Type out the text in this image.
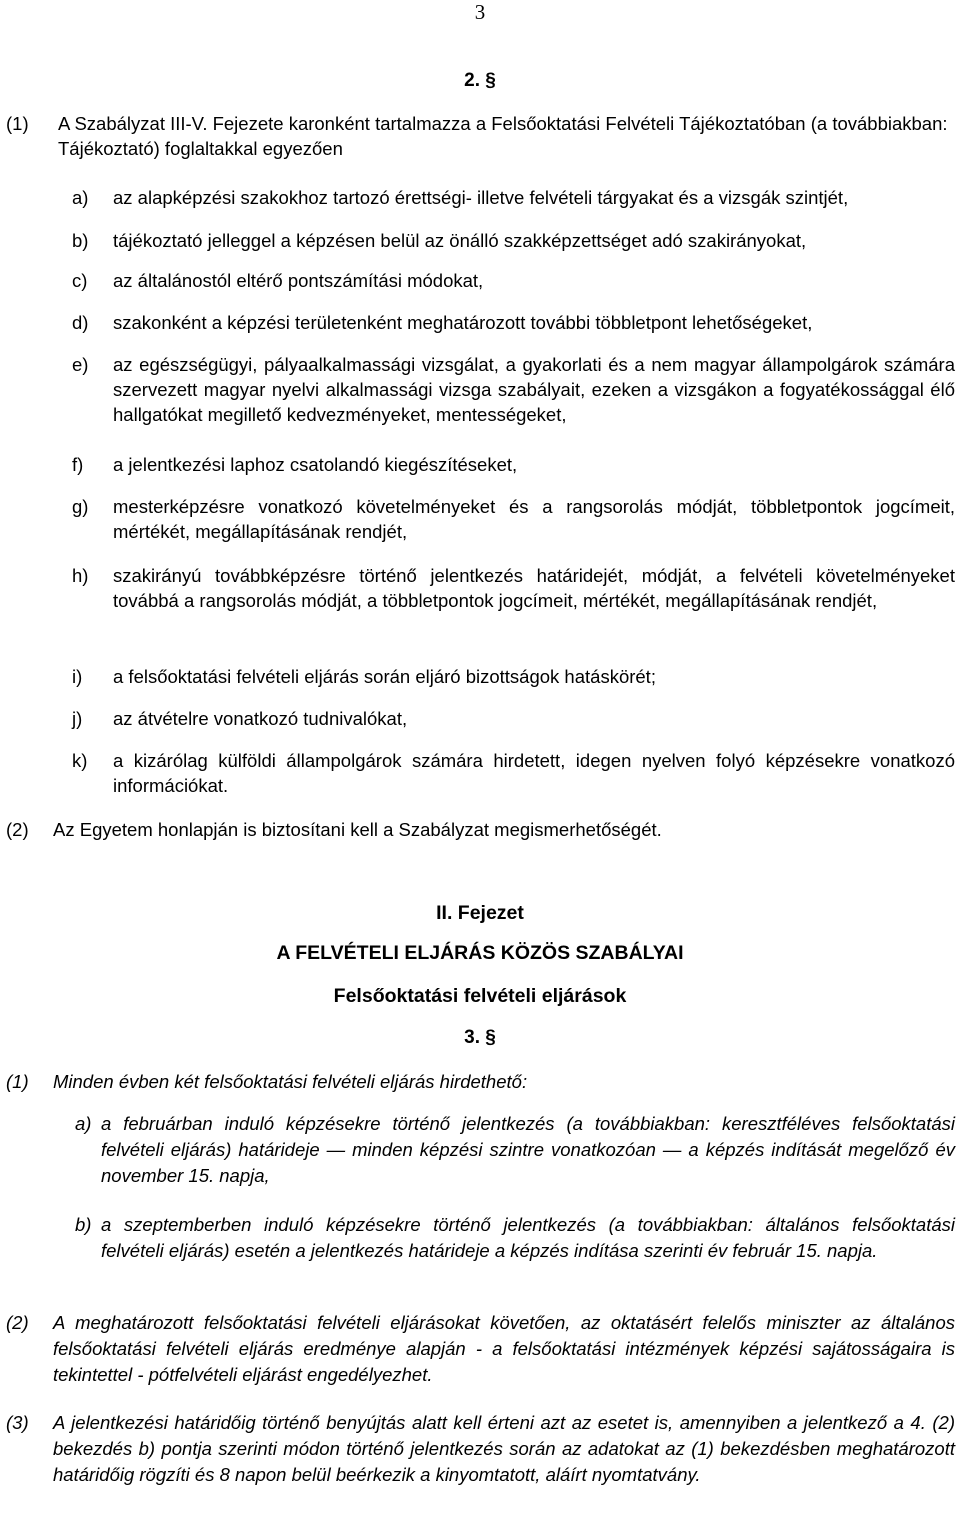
3
2. §
(1) A Szabályzat III-V. Fejezete karonként tartalmazza a Felsőoktatási Felvételi Tájékoztatóban (a továbbiakban: Tájékoztató) foglaltakkal egyezően
a) az alapképzési szakokhoz tartozó érettségi- illetve felvételi tárgyakat és a vizsgák szintjét,
b) tájékoztató jelleggel a képzésen belül az önálló szakképzettséget adó szakirányokat,
c) az általánostól eltérő pontszámítási módokat,
d) szakonként a képzési területenként meghatározott további többletpont lehetőségeket,
e) az egészségügyi, pályaalkalmassági vizsgálat, a gyakorlati és a nem magyar állampolgárok számára szervezett magyar nyelvi alkalmassági vizsga szabályait, ezeken a vizsgákon a fogyatékossággal élő hallgatókat megillető kedvezményeket, mentességeket,
f) a jelentkezési laphoz csatolandó kiegészítéseket,
g) mesterképzésre vonatkozó követelményeket és a rangsorolás módját, többletpontok jogcímeit, mértékét, megállapításának rendjét,
h) szakirányú továbbképzésre történő jelentkezés határidejét, módját, a felvételi követelményeket továbbá a rangsorolás módját, a többletpontok jogcímeit, mértékét, megállapításának rendjét,
i) a felsőoktatási felvételi eljárás során eljáró bizottságok hatáskörét;
j) az átvételre vonatkozó tudnivalókat,
k) a kizárólag külföldi állampolgárok számára hirdetett, idegen nyelven folyó képzésekre vonatkozó információkat.
(2) Az Egyetem honlapján is biztosítani kell a Szabályzat megismerhetőségét.
II. Fejezet
A FELVÉTELI ELJÁRÁS KÖZÖS SZABÁLYAI
Felsőoktatási felvételi eljárások
3. §
(1) Minden évben két felsőoktatási felvételi eljárás hirdethető:
a) a februárban induló képzésekre történő jelentkezés (a továbbiakban: keresztféléves felsőoktatási felvételi eljárás) határideje — minden képzési szintre vonatkozóan — a képzés indítását megelőző év november 15. napja,
b) a szeptemberben induló képzésekre történő jelentkezés (a továbbiakban: általános felsőoktatási felvételi eljárás) esetén a jelentkezés határideje a képzés indítása szerinti év február 15. napja.
(2) A meghatározott felsőoktatási felvételi eljárásokat követően, az oktatásért felelős miniszter az általános felsőoktatási felvételi eljárás eredménye alapján - a felsőoktatási intézmények képzési sajátosságaira is tekintettel - pótfelvételi eljárást engedélyezhet.
(3) A jelentkezési határidőig történő benyújtás alatt kell érteni azt az esetet is, amennyiben a jelentkező a 4. (2) bekezdés b) pontja szerinti módon történő jelentkezés során az adatokat az (1) bekezdésben meghatározott határidőig rögzíti és 8 napon belül beérkezik a kinyomtatott, aláírt nyomtatvány.
